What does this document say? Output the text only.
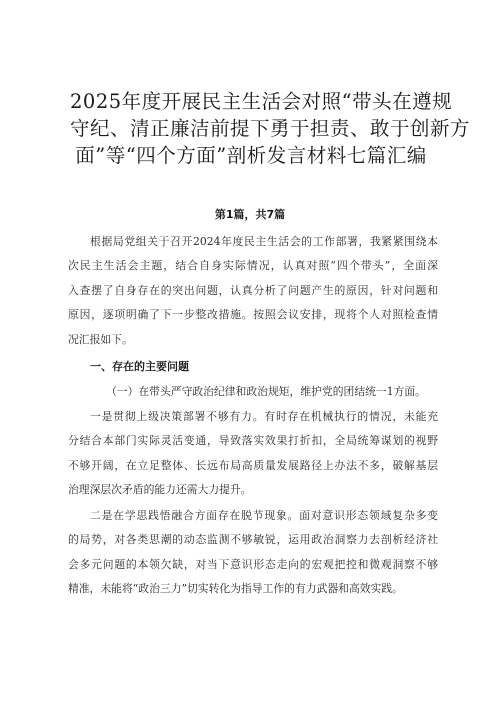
2025年度开展民主生活会对照“带头在遵规
守纪、清正廉洁前提下勇于担责、敢于创新方
面”等“四个方面”剖析发言材料七篇汇编
第1篇，共7篇

根据局党组关于召开2024年度民主生活会的工作部署，我紧紧围绕本
次民主生活会主题，结合自身实际情况，认真对照“四个带头”，全面深
入查摆了自身存在的突出问题，认真分析了问题产生的原因，针对问题和
原因，逐项明确了下一步整改措施。按照会议安排，现将个人对照检查情
况汇报如下。

一、存在的主要问题

（一）在带头严守政治纪律和政治规矩，维护党的团结统一1方面。

一是贯彻上级决策部署不够有力。有时存在机械执行的情况，未能充
分结合本部门实际灵活变通，导致落实效果打折扣，全局统筹谋划的视野
不够开阔，在立足整体、长远布局高质量发展路径上办法不多，破解基层
治理深层次矛盾的能力还需大力提升。

二是在学思践悟融合方面存在脱节现象。面对意识形态领域复杂多变
的局势，对各类思潮的动态监测不够敏锐，运用政治洞察力去剖析经济社
会多元问题的本领欠缺，对当下意识形态走向的宏观把控和微观洞察不够
精准，未能将“政治三力”切实转化为指导工作的有力武器和高效实践。
